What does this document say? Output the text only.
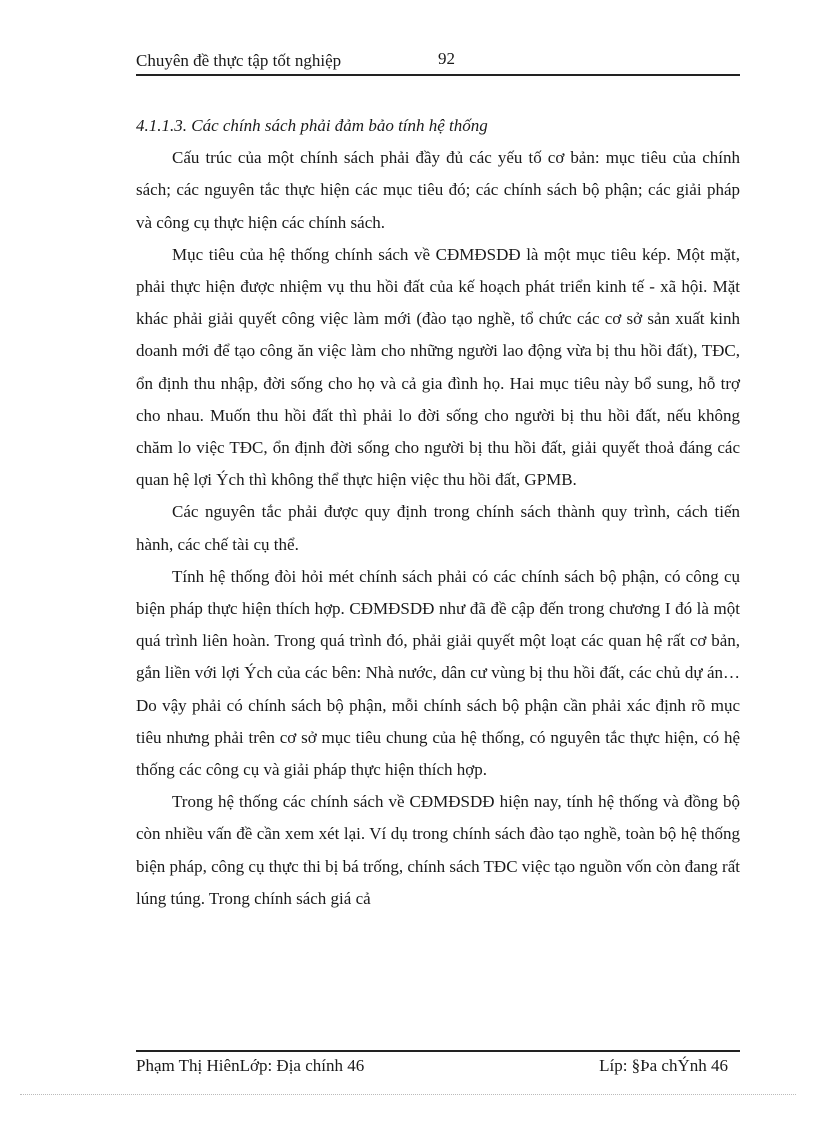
Chuyên đề thực tập tốt nghiệp	92

4.1.1.3. Các chính sách phải đảm bảo tính hệ thống

Cấu trúc của một chính sách phải đầy đủ các yếu tố cơ bản: mục tiêu của chính sách; các nguyên tắc thực hiện các mục tiêu đó; các chính sách bộ phận; các giải pháp và công cụ thực hiện các chính sách.

Mục tiêu của hệ thống chính sách về CĐMĐSDĐ là một mục tiêu kép. Một mặt, phải thực hiện được nhiệm vụ thu hồi đất của kế hoạch phát triển kinh tế - xã hội. Mặt khác phải giải quyết công việc làm mới (đào tạo nghề, tổ chức các cơ sở sản xuất kinh doanh mới để tạo công ăn việc làm cho những người lao động vừa bị thu hồi đất), TĐC, ổn định thu nhập, đời sống cho họ và cả gia đình họ. Hai mục tiêu này bổ sung, hỗ trợ cho nhau. Muốn thu hồi đất thì phải lo đời sống cho người bị thu hồi đất, nếu không chăm lo việc TĐC, ổn định đời sống cho người bị thu hồi đất, giải quyết thoả đáng các quan hệ lợi Ých thì không thể thực hiện việc thu hồi đất, GPMB.

Các nguyên tắc phải được quy định trong chính sách thành quy trình, cách tiến hành, các chế tài cụ thể.

Tính hệ thống đòi hỏi mét chính sách phải có các chính sách bộ phận, có công cụ biện pháp thực hiện thích hợp. CĐMĐSDĐ như đã đề cập đến trong chương I đó là một quá trình liên hoàn. Trong quá trình đó, phải giải quyết một loạt các quan hệ rất cơ bản, gắn liền với lợi Ých của các bên: Nhà nước, dân cư vùng bị thu hồi đất, các chủ dự án…Do vậy phải có chính sách bộ phận, mỗi chính sách bộ phận cần phải xác định rõ mục tiêu nhưng phải trên cơ sở mục tiêu chung của hệ thống, có nguyên tắc thực hiện, có hệ thống các công cụ và giải pháp thực hiện thích hợp.

Trong hệ thống các chính sách về CĐMĐSDĐ hiện nay, tính hệ thống và đồng bộ còn nhiều vấn đề cần xem xét lại. Ví dụ trong chính sách đào tạo nghề, toàn bộ hệ thống biện pháp, công cụ thực thi bị bá trống, chính sách TĐC việc tạo nguồn vốn còn đang rất lúng túng. Trong chính sách giá cả

Phạm Thị HiênLớp: Địa chính 46	Líp: §Þa chÝnh 46
